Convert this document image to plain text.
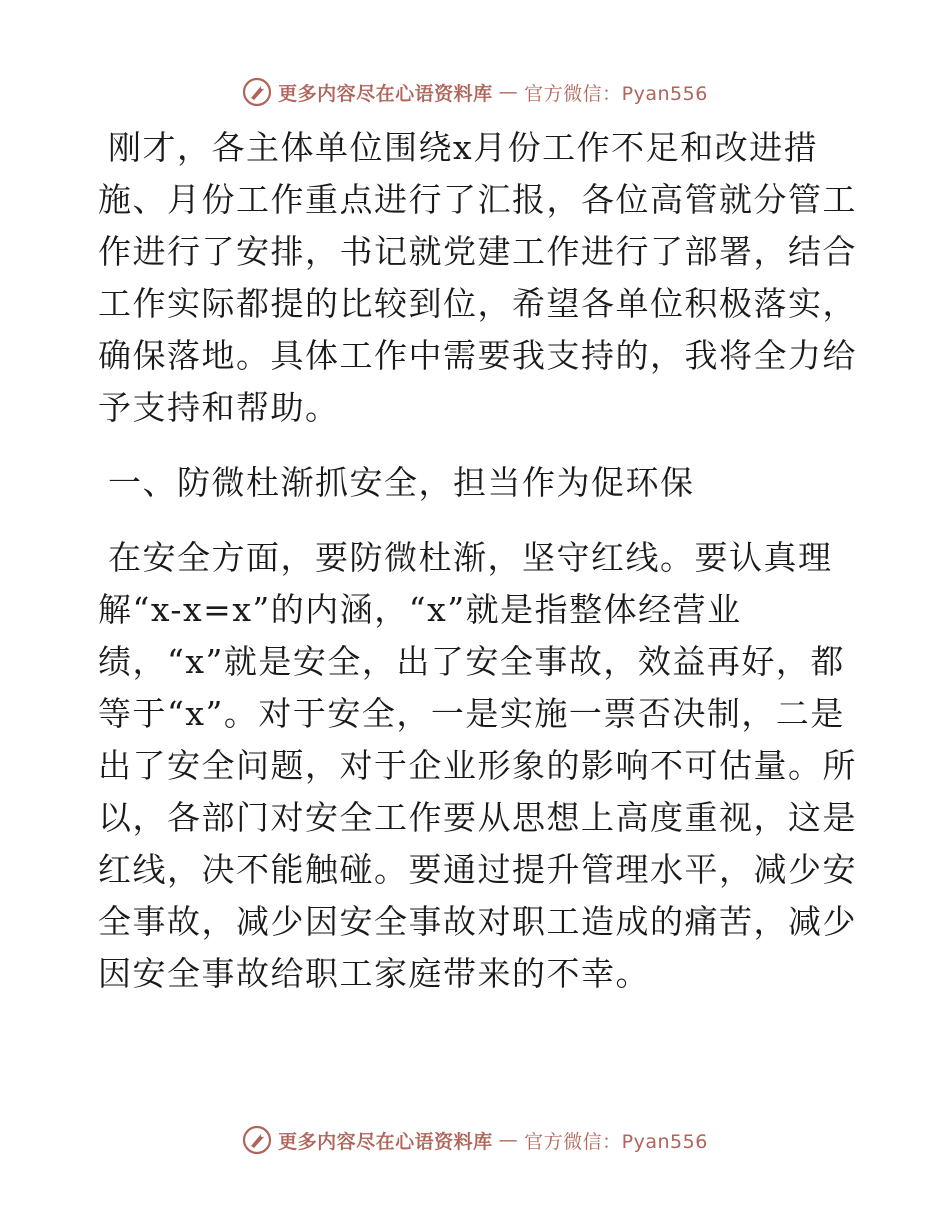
更多内容尽在心语资料库 — 官方微信：Pyan556

刚才，各主体单位围绕x月份工作不足和改进措施、月份工作重点进行了汇报，各位高管就分管工作进行了安排，书记就党建工作进行了部署，结合工作实际都提的比较到位，希望各单位积极落实，确保落地。具体工作中需要我支持的，我将全力给予支持和帮助。

一、防微杜渐抓安全，担当作为促环保

在安全方面，要防微杜渐，坚守红线。要认真理解“x-x=x”的内涵，“x”就是指整体经营业绩，“x”就是安全，出了安全事故，效益再好，都等于“x”。对于安全，一是实施一票否决制，二是出了安全问题，对于企业形象的影响不可估量。所以，各部门对安全工作要从思想上高度重视，这是红线，决不能触碰。要通过提升管理水平，减少安全事故，减少因安全事故对职工造成的痛苦，减少因安全事故给职工家庭带来的不幸。

更多内容尽在心语资料库 — 官方微信：Pyan556
